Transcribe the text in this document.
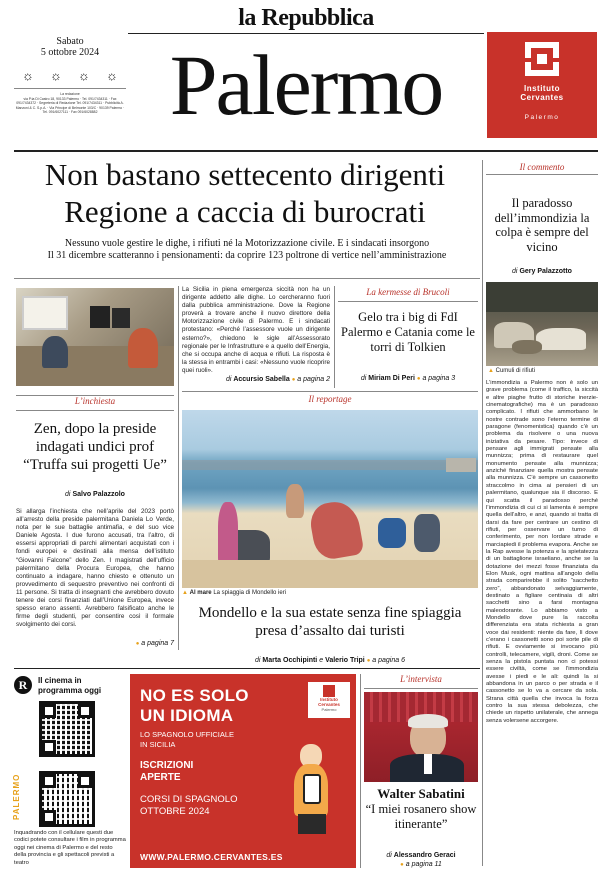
la Repubblica
Sabato
5 ottobre 2024
☼ ☼ ☼ ☼
La redazione
via P.ta Di Castro 18, 90133 Palermo · Tel. 091/7434311 · Fax 091/7434372 · Segreteria di Redazione Tel. 091/7434311 · Pubblicità A. Manzoni & C. S.p.A. · Via Principe di Belmonte 103/C · 90139 Palermo · Tel. 091/6027111 · Fax 091/6028882 Palermo	Instituto
Cervantes
Palermo
Non bastano settecento dirigenti
Regione a caccia di burocrati
Nessuno vuole gestire le dighe, i rifiuti né la Motorizzazione civile. E i sindacati insorgono
Il 31 dicembre scatteranno i pensionamenti: da coprire 123 poltrone di vertice nell’amministrazione
Il commento
Il paradosso dell’immondizia la colpa è sempre del vicino
di Gery Palazzotto
▲ Cumuli di rifiuti
L’immondizia a Palermo non è solo un grave problema (come il traffico, la siccità e altre piaghe frutto di storiche inerzie-cinematografiche) ma è un paradosso complicato. I rifiuti che ammorbano le nostre contrade sono l’eterno termine di paragone (fenomenistica) quando c’è un problema da risolvere o una nuova iniziativa da pesare. Tipo: invece di pensare agli immigrati pensate alla munnizza; prima di restaurare quel monumento pensate alla munnizza; anziché finanziare quella mostra pensate alla munnizza. C’è sempre un cassonetto straccolmo in cima ai pensieri di un palermitano, qualunque sia il discorso. E qui scatta il paradosso perché l’immondizia di cui ci si lamenta è sempre quella dell’altro, e anzi, quando si tratta di darsi da fare per centrare un cestino di rifiuti, per osservare un turno di conferimento, per non lordare strade e marciapiedi il problema evapora. Anche se la Rap avesse la potenza e la spietatezza di un battaglione israeliano, anche se la dotazione dei mezzi fosse finanziata da Elon Musk, ogni mattina all’angolo della strada comparirebbe il solito “sacchetto zero”, abbandonato selvaggiamente, destinato a figliare centinaia di altri sacchetti sino a farsi montagna maleodorante. Lo abbiamo visto a Mondello dove pure la raccolta differenziata era stata richiesta a gran voce dai residenti: niente da fare, lì dove c’erano i cassonetti sono poi sorte pile di rifiuti. E ovviamente si invocano più controlli, telecamere, vigili, droni. Come se senza la pistola puntata non ci potessi essere civiltà, come se l’immondizia avesse i piedi e le ali: quindi la si abbandona in un parco o per strada e il cassonetto se lo va a cercare da sola. Strana città quella che invoca la forza contro la sua stessa debolezza, che chiede un rispetto unilaterale, che annega senza volersene accorgere.
L’inchiesta
Zen, dopo la preside indagati undici prof “Truffa sui progetti Ue”
di Salvo Palazzolo
Si allarga l’inchiesta che nell’aprile del 2023 portò all’arresto della preside palermitana Daniela Lo Verde, nota per le sue battaglie antimafia, e del suo vice Daniele Agosta. I due furono accusati, tra l’altro, di essersi appropriati di parchi alimentari acquistati con i fondi europei e destinati alla mensa dell’istituto “Giovanni Falcone” dello Zen. I magistrati dell’ufficio palermitano della Procura Europea, che hanno continuato a indagare, hanno chiesto e ottenuto un provvedimento di sequestro preventivo nei confronti di 11 persone. Si tratta di insegnanti che avrebbero dovuto tenere dei corsi finanziati dall’Unione Europea, invece spesso erano assenti. Avrebbero falsificato anche le firme degli studenti, per consentire così il formale svolgimento dei corsi.
● a pagina 7
La Sicilia in piena emergenza siccità non ha un dirigente addetto alle dighe. Lo cercheranno fuori dalla pubblica amministrazione. Dove la Regione proverà a trovare anche il nuovo direttore della Motorizzazione civile di Palermo. E i sindacati protestano: «Perché l’assessore vuole un dirigente esterno?», chiedono le sigle all’Assessorato regionale per le Infrastrutture e a quello dell’Energia, che si occupa anche di acqua e rifiuti. La risposta è la stessa in entrambi i casi: «Nessuno vuole ricoprire quei ruoli».
di Accursio Sabella ● a pagina 2
La kermesse di Brucoli
Gelo tra i big di FdI Palermo e Catania come le torri di Tolkien
di Miriam Di Peri ● a pagina 3
Il reportage
▲ Al mare La spiaggia di Mondello ieri
Mondello e la sua estate senza fine spiaggia presa d’assalto dai turisti
di Marta Occhipinti e Valerio Tripi ● a pagina 6
R	Il cinema in programma oggi
PALERMO
Inquadrando con il cellulare questi due codici potete consultare i film in programma oggi nei cinema di Palermo e del resto della provincia e gli spettacoli previsti a teatro
NO ES SOLO
UN IDIOMA
LO SPAGNOLO UFFICIALE
IN SICILIA
ISCRIZIONI
APERTE
CORSI DI SPAGNOLO
OTTOBRE 2024
Instituto
Cervantes
Palermo
WWW.PALERMO.CERVANTES.ES
L’intervista
Walter Sabatini
“I miei rosanero show itinerante”
di Alessandro Geraci
● a pagina 11
